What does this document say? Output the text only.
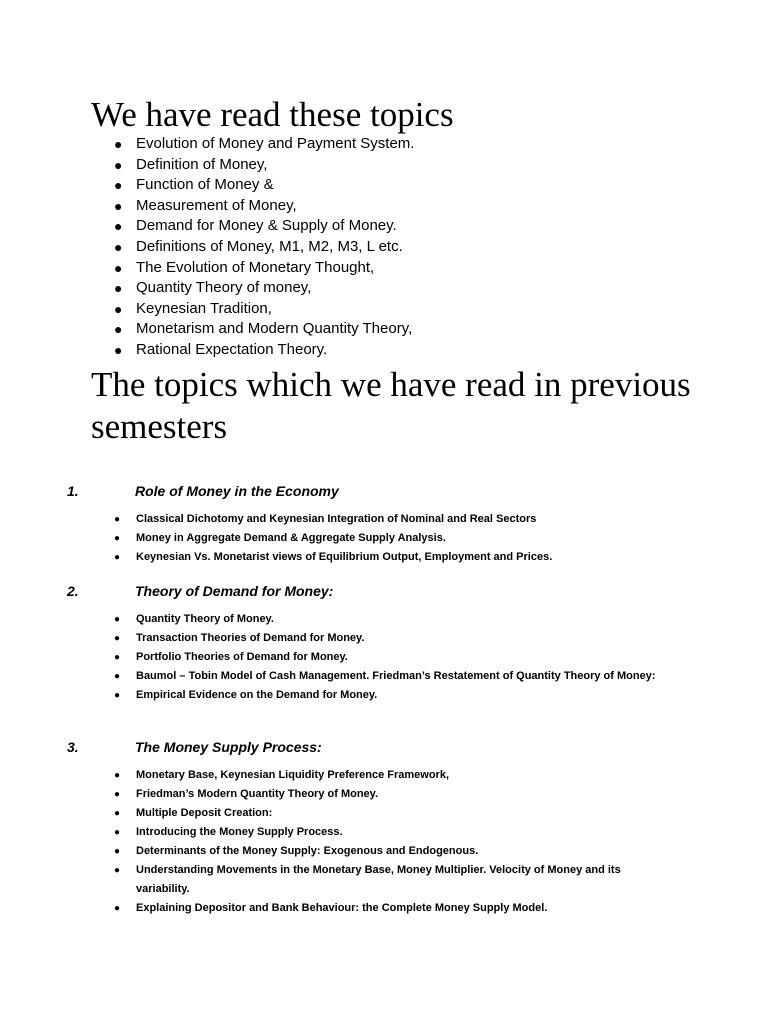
We have read these topics
● Evolution of Money and Payment System.
● Definition of Money,
● Function of Money &
● Measurement of Money,
● Demand for Money & Supply of Money.
● Definitions of Money, M1, M2, M3, L etc.
● The Evolution of Monetary Thought,
● Quantity Theory of money,
● Keynesian Tradition,
● Monetarism and Modern Quantity Theory,
● Rational Expectation Theory.
The topics which we have read in previous semesters
1.	Role of Money in the Economy
● Classical Dichotomy and Keynesian Integration of Nominal and Real Sectors
● Money in Aggregate Demand & Aggregate Supply Analysis.
● Keynesian Vs. Monetarist views of Equilibrium Output, Employment and Prices.
2.	Theory of Demand for Money:
● Quantity Theory of Money.
● Transaction Theories of Demand for Money.
● Portfolio Theories of Demand for Money.
● Baumol – Tobin Model of Cash Management. Friedman’s Restatement of Quantity Theory of Money:
● Empirical Evidence on the Demand for Money.
3.	The Money Supply Process:
● Monetary Base, Keynesian Liquidity Preference Framework,
● Friedman’s Modern Quantity Theory of Money.
● Multiple Deposit Creation:
● Introducing the Money Supply Process.
● Determinants of the Money Supply: Exogenous and Endogenous.
● Understanding Movements in the Monetary Base, Money Multiplier. Velocity of Money and its variability.
● Explaining Depositor and Bank Behaviour: the Complete Money Supply Model.
